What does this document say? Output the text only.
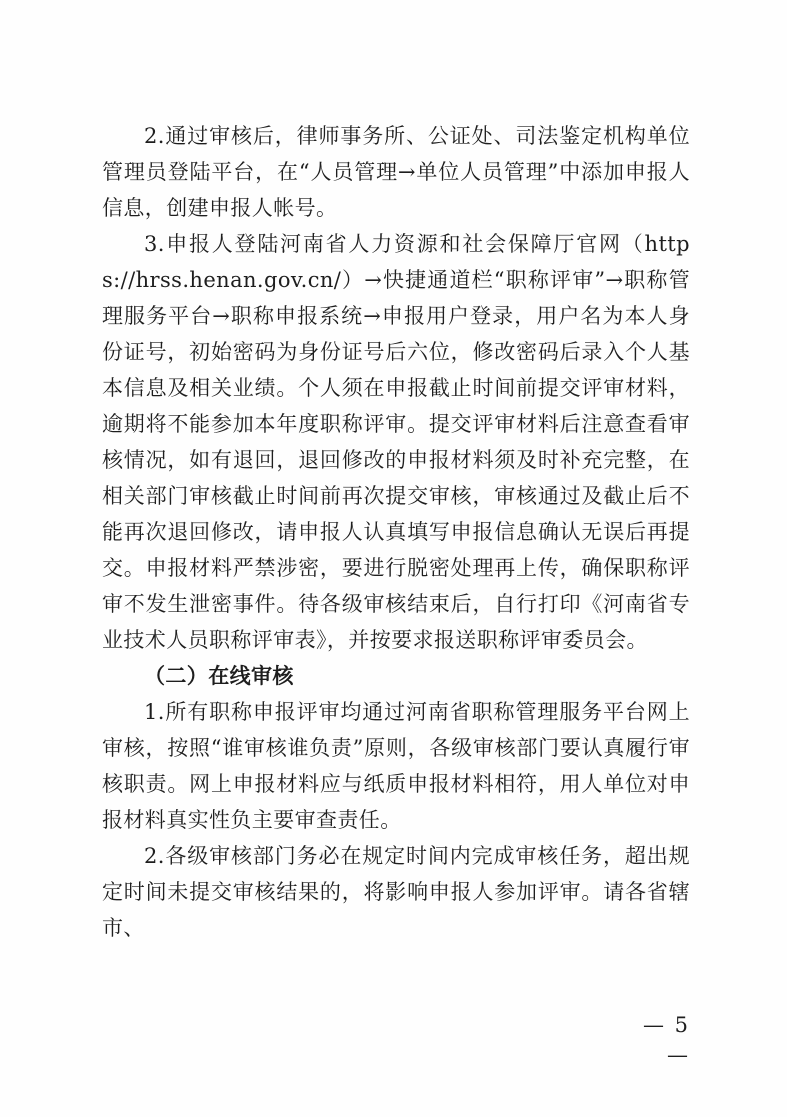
2.通过审核后，律师事务所、公证处、司法鉴定机构单位管理员登陆平台，在“人员管理→单位人员管理”中添加申报人信息，创建申报人帐号。

3.申报人登陆河南省人力资源和社会保障厅官网（https://hrss.henan.gov.cn/）→快捷通道栏“职称评审”→职称管理服务平台→职称申报系统→申报用户登录，用户名为本人身份证号，初始密码为身份证号后六位，修改密码后录入个人基本信息及相关业绩。个人须在申报截止时间前提交评审材料，逾期将不能参加本年度职称评审。提交评审材料后注意查看审核情况，如有退回，退回修改的申报材料须及时补充完整，在相关部门审核截止时间前再次提交审核，审核通过及截止后不能再次退回修改，请申报人认真填写申报信息确认无误后再提交。申报材料严禁涉密，要进行脱密处理再上传，确保职称评审不发生泄密事件。待各级审核结束后，自行打印《河南省专业技术人员职称评审表》，并按要求报送职称评审委员会。

（二）在线审核

1.所有职称申报评审均通过河南省职称管理服务平台网上审核，按照“谁审核谁负责”原则，各级审核部门要认真履行审核职责。网上申报材料应与纸质申报材料相符，用人单位对申报材料真实性负主要审查责任。

2.各级审核部门务必在规定时间内完成审核任务，超出规定时间未提交审核结果的，将影响申报人参加评审。请各省辖市、

— 5 —
